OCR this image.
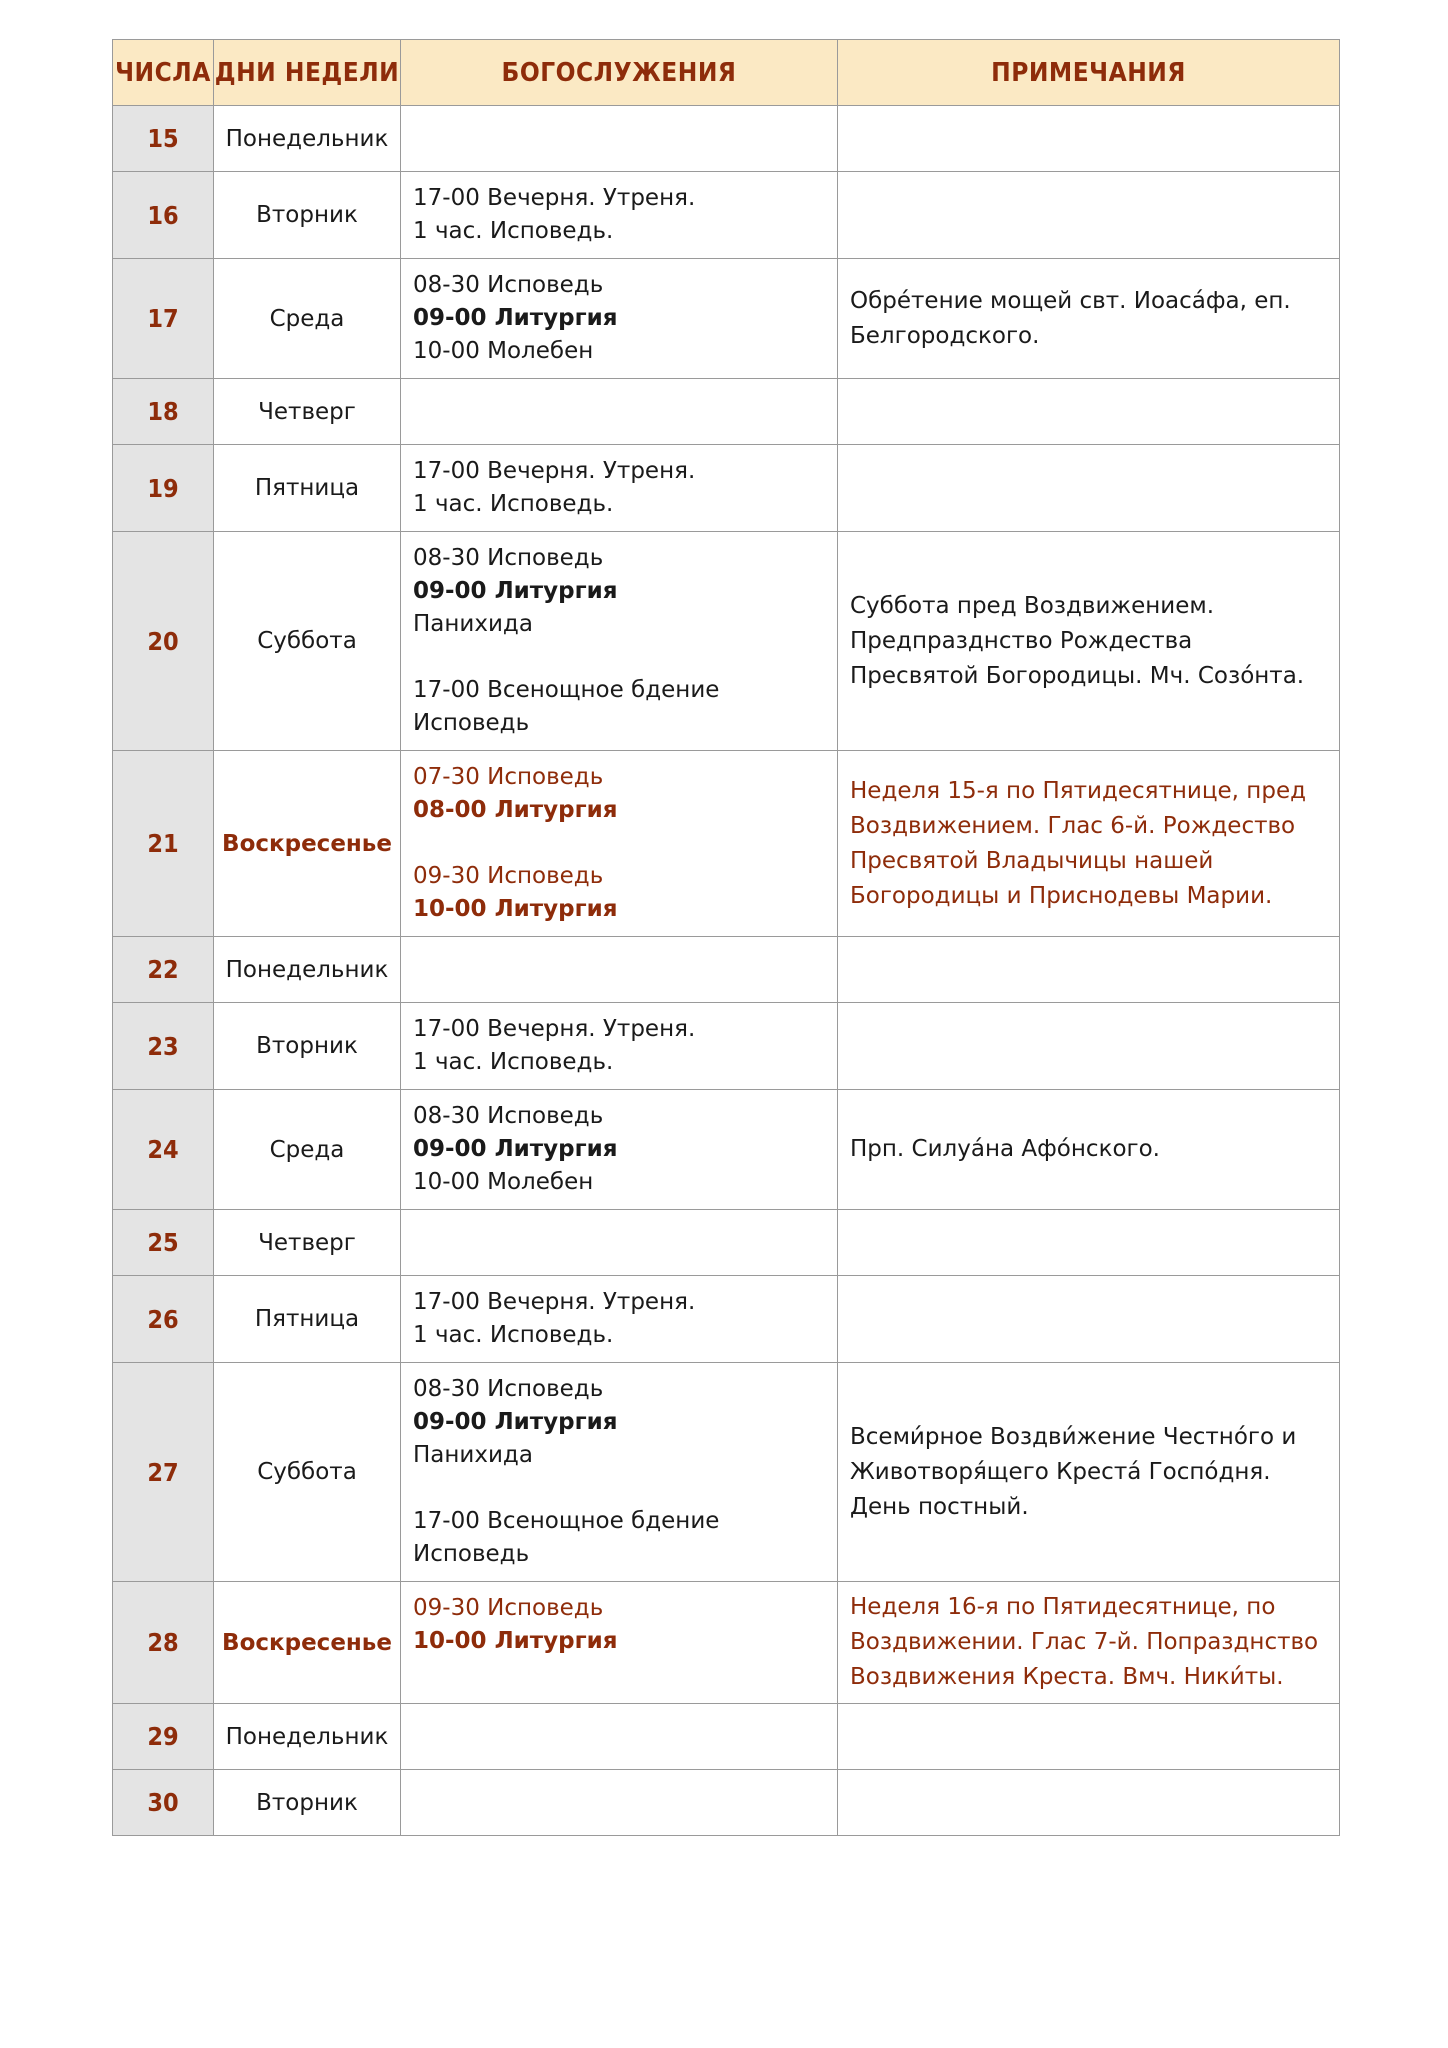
ЧИСЛА	ДНИ НЕДЕЛИ	БОГОСЛУЖЕНИЯ	ПРИМЕЧАНИЯ
15	Понедельник		
16	Вторник	17-00 Вечерня. Утреня.
1 час. Исповедь.	

17	Среда	08-30 Исповедь
09-00 Литургия
10-00 Молебен	Обре́тение мощей свт. Иоаса́фа, еп. Белгородского.
18	Четверг		
19	Пятница	17-00 Вечерня. Утреня.
1 час. Исповедь.	

20	Суббота	08-30 Исповедь
09-00 Литургия
Панихида
17-00 Всенощное бдение
Исповедь	Суббота пред Воздвижением. Предпразднство Рождества Пресвятой Богородицы. Мч. Созо́нта.
21	Воскресенье	07-30 Исповедь
08-00 Литургия
09-30 Исповедь
10-00 Литургия	Неделя 15-я по Пятидесятнице, пред Воздвижением. Глас 6-й. Рождество Пресвятой Владычицы нашей Богородицы и Приснодевы Марии.
22	Понедельник		
23	Вторник	17-00 Вечерня. Утреня.
1 час. Исповедь.	

24	Среда	08-30 Исповедь
09-00 Литургия
10-00 Молебен	Прп. Силуа́на Афо́нского.
25	Четверг		
26	Пятница	17-00 Вечерня. Утреня.
1 час. Исповедь.	

27	Суббота	08-30 Исповедь
09-00 Литургия
Панихида
17-00 Всенощное бдение
Исповедь	Всеми́рное Воздви́жение Честно́го и Животворя́щего Креста́ Госпо́дня. День постный.
28	Воскресенье	09-30 Исповедь
10-00 Литургия	Неделя 16-я по Пятидесятнице, по Воздвижении. Глас 7-й. Попразднство Воздвижения Креста. Вмч. Ники́ты.
29	Понедельник		
30	Вторник		
